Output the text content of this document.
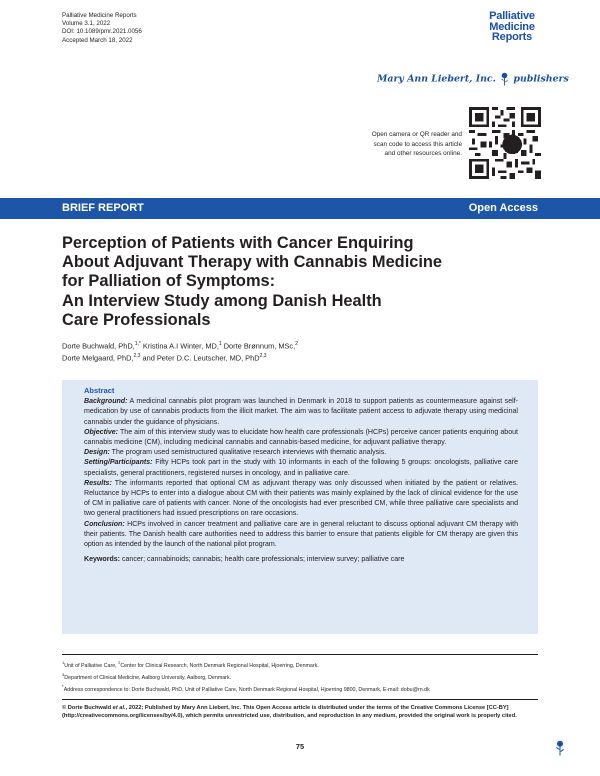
Palliative Medicine Reports
Volume 3.1, 2022
DOI: 10.1089/pmr.2021.0056
Accepted March 18, 2022
Palliative
Medicine
Reports
Mary Ann Liebert, Inc. publishers
Open camera or QR reader and
scan code to access this article
and other resources online.
BRIEF REPORT	Open Access
Perception of Patients with Cancer Enquiring
About Adjuvant Therapy with Cannabis Medicine
for Palliation of Symptoms:
An Interview Study among Danish Health
Care Professionals
Dorte Buchwald, PhD,$^{1,*}$ Kristina A.I Winter, MD,$^1$ Dorte Brønnum, MSc,$^2$
Dorte Melgaard, PhD,$^{2,3}$ and Peter D.C. Leutscher, MD, PhD$^{2,3}$
Abstract

Background: A medicinal cannabis pilot program was launched in Denmark in 2018 to support patients as countermeasure against self-medication by use of cannabis products from the illicit market. The aim was to facilitate patient access to adjuvate therapy using medicinal cannabis under the guidance of physicians.

Objective: The aim of this interview study was to elucidate how health care professionals (HCPs) perceive cancer patients enquiring about cannabis medicine (CM), including medicinal cannabis and cannabis-based medicine, for adjuvant palliative therapy.

Design: The program used semistructured qualitative research interviews with thematic analysis.

Setting/Participants: Fifty HCPs took part in the study with 10 informants in each of the following 5 groups: oncologists, palliative care specialists, general practitioners, registered nurses in oncology, and in palliative care.

Results: The informants reported that optional CM as adjuvant therapy was only discussed when initiated by the patient or relatives. Reluctance by HCPs to enter into a dialogue about CM with their patients was mainly explained by the lack of clinical evidence for the use of CM in palliative care of patients with cancer. None of the oncologists had ever prescribed CM, while three palliative care specialists and two general practitioners had issued prescriptions on rare occasions.

Conclusion: HCPs involved in cancer treatment and palliative care are in general reluctant to discuss optional adjuvant CM therapy with their patients. The Danish health care authorities need to address this barrier to ensure that patients eligible for CM therapy are given this option as intended by the launch of the national pilot program.

Keywords: cancer; cannabinoids; cannabis; health care professionals; interview survey; palliative care

$^1$Unit of Palliative Care, $^2$Center for Clinical Research, North Denmark Regional Hospital, Hjoerring, Denmark.
$^3$Department of Clinical Medicine, Aalborg University, Aalborg, Denmark.
*Address correspondence to: Dorte Buchwald, PhD, Unit of Palliative Care, North Denmark Regional Hospital, Hjoerring 9800, Denmark, E-mail: dobu@rn.dk
© Dorte Buchwald et al., 2022; Published by Mary Ann Liebert, Inc. This Open Access article is distributed under the terms of the Creative Commons License [CC-BY] (http://creativecommons.org/licenses/by/4.0), which permits unrestricted use, distribution, and reproduction in any medium, provided the original work is properly cited.
75
